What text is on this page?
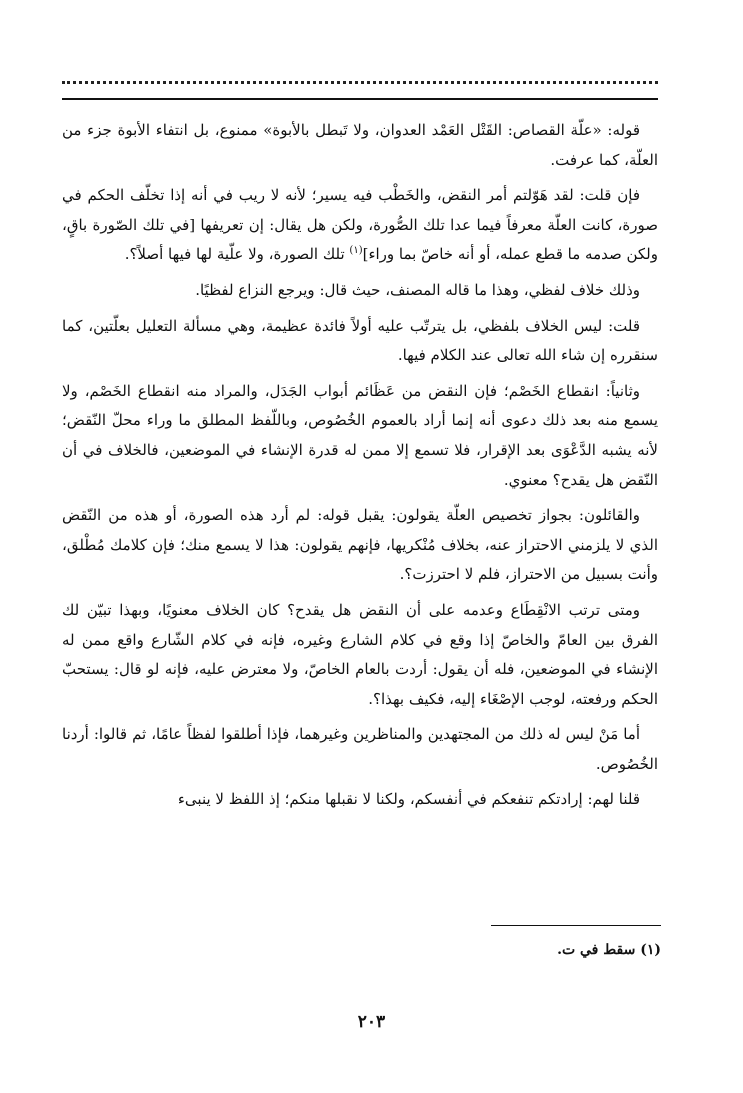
قوله: «علّة القصاص: القَتْل العَمْد العدوان، ولا تَبطل بالأبوة» ممنوع، بل انتفاء الأبوة جزء من العلّة، كما عرفت.

فإن قلت: لقد هَوّلتم أمر النقض، والخَطْب فيه يسير؛ لأنه لا ريب في أنه إذا تخلّف الحكم في صورة، كانت العلّة معرفاً فيما عدا تلك الصُّورة، ولكن هل يقال: إن تعريفها [في تلك الصّورة باقٍ، ولكن صدمه ما قطع عمله، أو أنه خاصّ بما وراء]$^{(١)}$ تلك الصورة، ولا علّية لها فيها أصلاً؟.

وذلك خلاف لفظي، وهذا ما قاله المصنف، حيث قال: ويرجع النزاع لفظيًا.

قلت: ليس الخلاف بلفظي، بل يترتّب عليه أولاً فائدة عظيمة، وهي مسألة التعليل بعلّتين، كما سنقرره إن شاء الله تعالى عند الكلام فيها.

وثانياً: انقطاع الخَصْم؛ فإن النقض من عَظَائم أبواب الجَدَل، والمراد منه انقطاع الخَصْم، ولا يسمع منه بعد ذلك دعوى أنه إنما أراد بالعموم الخُصُوص، وباللّفظ المطلق ما وراء محلّ النّقض؛ لأنه يشبه الدَّعْوَى بعد الإقرار، فلا تسمع إلا ممن له قدرة الإنشاء في الموضعين، فالخلاف في أن النّقض هل يقدح؟ معنوي.

والقائلون: بجواز تخصيص العلّة يقولون: يقبل قوله: لم أرد هذه الصورة، أو هذه من النّقض الذي لا يلزمني الاحتراز عنه، بخلاف مُنْكريها، فإنهم يقولون: هذا لا يسمع منك؛ فإن كلامك مُطْلق، وأنت بسبيل من الاحتراز، فلم لا احترزت؟.

ومتى ترتب الانْقِطَاع وعدمه على أن النقض هل يقدح؟ كان الخلاف معنويًا، وبهذا تبيّن لك الفرق بين العامّ والخاصّ إذا وقع في كلام الشارع وغيره، فإنه في كلام الشّارع واقع ممن له الإنشاء في الموضعين، فله أن يقول: أردت بالعام الخاصّ، ولا معترض عليه، فإنه لو قال: يستحبّ الحكم ورفعته، لوجب الإصْغَاء إليه، فكيف بهذا؟.

أما مَنْ ليس له ذلك من المجتهدين والمناظرين وغيرهما، فإذا أطلقوا لفظاً عامًا، ثم قالوا: أردنا الخُصُوص.

قلنا لهم: إرادتكم تنفعكم في أنفسكم، ولكنا لا نقبلها منكم؛ إذ اللفظ لا ينبىء

(١) سقط في ت.
٢٠٣
